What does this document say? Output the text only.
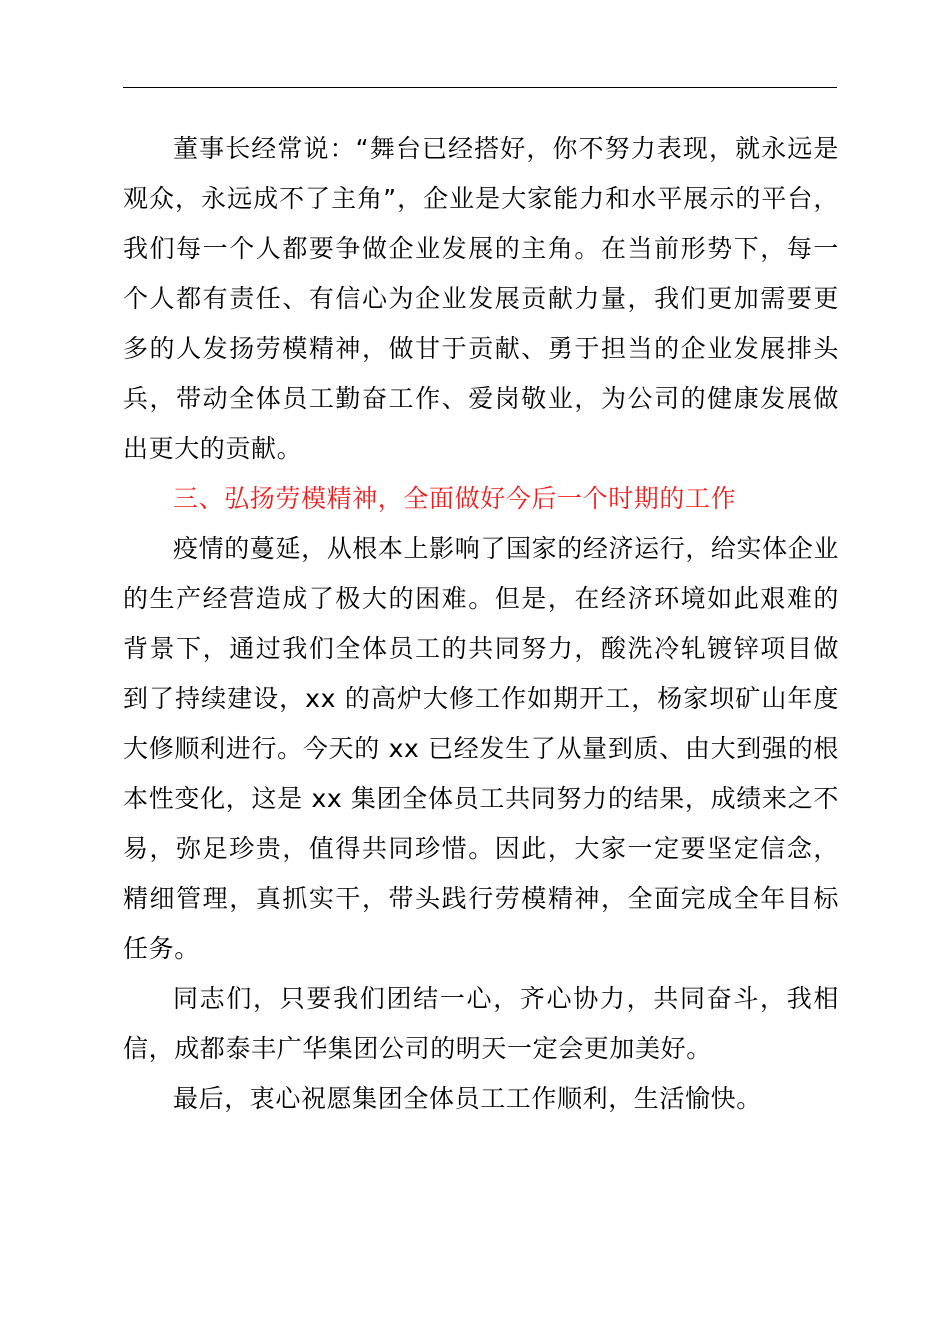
董事长经常说：“舞台已经搭好，你不努力表现，就永远是观众，永远成不了主角”，企业是大家能力和水平展示的平台，我们每一个人都要争做企业发展的主角。在当前形势下，每一个人都有责任、有信心为企业发展贡献力量，我们更加需要更多的人发扬劳模精神，做甘于贡献、勇于担当的企业发展排头兵，带动全体员工勤奋工作、爱岗敬业，为公司的健康发展做出更大的贡献。

三、弘扬劳模精神，全面做好今后一个时期的工作

疫情的蔓延，从根本上影响了国家的经济运行，给实体企业的生产经营造成了极大的困难。但是，在经济环境如此艰难的背景下，通过我们全体员工的共同努力，酸洗冷轧镀锌项目做到了持续建设，xx 的高炉大修工作如期开工，杨家坝矿山年度大修顺利进行。今天的 xx 已经发生了从量到质、由大到强的根本性变化，这是 xx 集团全体员工共同努力的结果，成绩来之不易，弥足珍贵，值得共同珍惜。因此，大家一定要坚定信念，精细管理，真抓实干，带头践行劳模精神，全面完成全年目标任务。

同志们，只要我们团结一心，齐心协力，共同奋斗，我相信，成都泰丰广华集团公司的明天一定会更加美好。

最后，衷心祝愿集团全体员工工作顺利，生活愉快。
